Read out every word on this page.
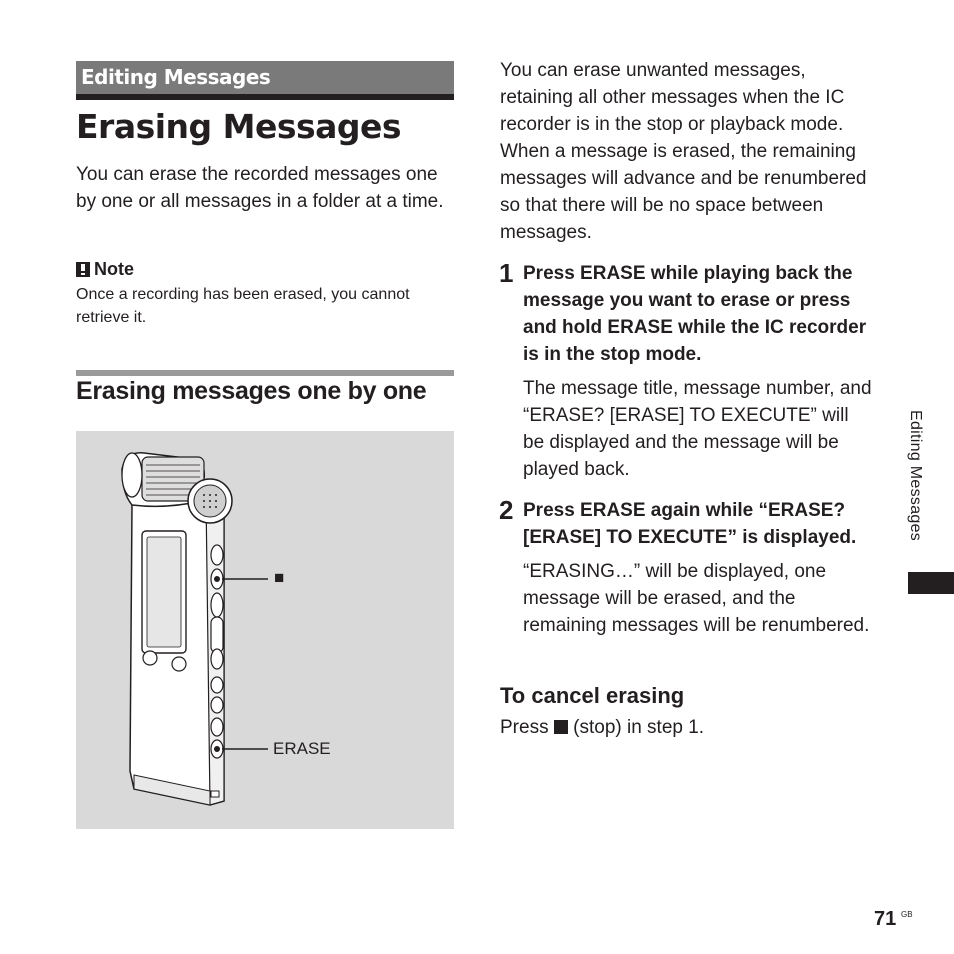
Editing Messages
Erasing Messages
You can erase the recorded messages one by one or all messages in a folder at a time.
Note
Once a recording has been erased, you cannot retrieve it.
Erasing messages one by one
■
ERASE
You can erase unwanted messages, retaining all other messages when the IC recorder is in the stop or playback mode. When a message is erased, the remaining messages will advance and be renumbered so that there will be no space between messages.
1 Press ERASE while playing back the message you want to erase or press and hold ERASE while the IC recorder is in the stop mode.
The message title, message number, and “ERASE? [ERASE] TO EXECUTE” will be displayed and the message will be played back.
2 Press ERASE again while “ERASE? [ERASE] TO EXECUTE” is displayed.
“ERASING…” will be displayed, one message will be erased, and the remaining messages will be renumbered.
To cancel erasing
Press (stop) in step 1.
Editing Messages
71 GB
